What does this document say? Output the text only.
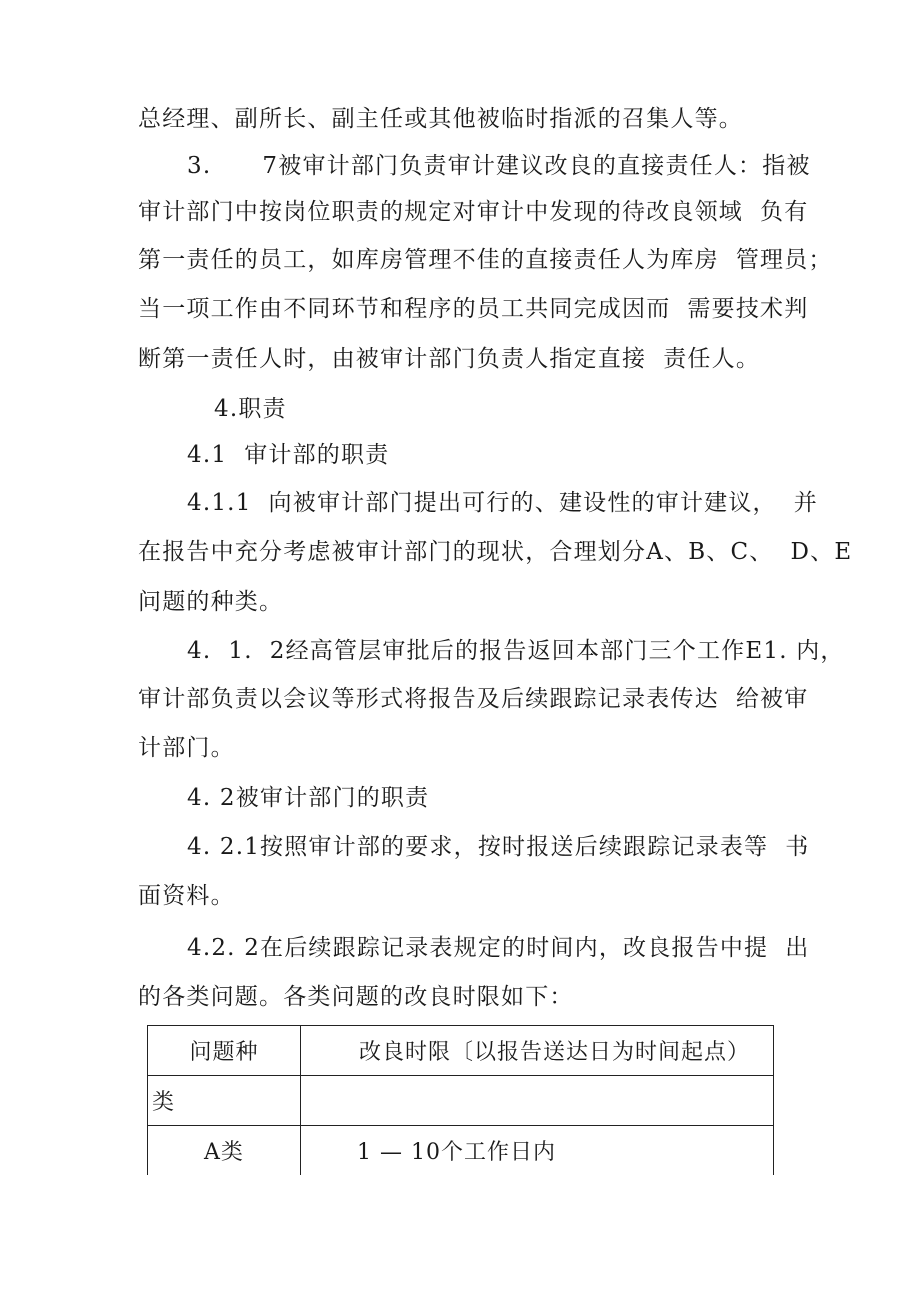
总经理、副所长、副主任或其他被临时指派的召集人等。
3.      7被审计部门负责审计建议改良的直接责任人：指被
审计部门中按岗位职责的规定对审计中发现的待改良领域  负有
第一责任的员工，如库房管理不佳的直接责任人为库房  管理员；
当一项工作由不同环节和程序的员工共同完成因而  需要技术判
断第一责任人时，由被审计部门负责人指定直接  责任人。
4.职责
4.1  审计部的职责
4.1.1  向被审计部门提出可行的、建设性的审计建议，  并
在报告中充分考虑被审计部门的现状，合理划分A、B、C、  D、E
问题的种类。
4.  1.  2经高管层审批后的报告返回本部门三个工作E1. 内，
审计部负责以会议等形式将报告及后续跟踪记录表传达  给被审
计部门。
4. 2被审计部门的职责
4. 2.1按照审计部的要求，按时报送后续跟踪记录表等  书
面资料。
4.2. 2在后续跟踪记录表规定的时间内，改良报告中提  出
的各类问题。各类问题的改良时限如下：
问题种	改良时限〔以报告送达日为时间起点）
类	
A类	1 — 10个工作日内
